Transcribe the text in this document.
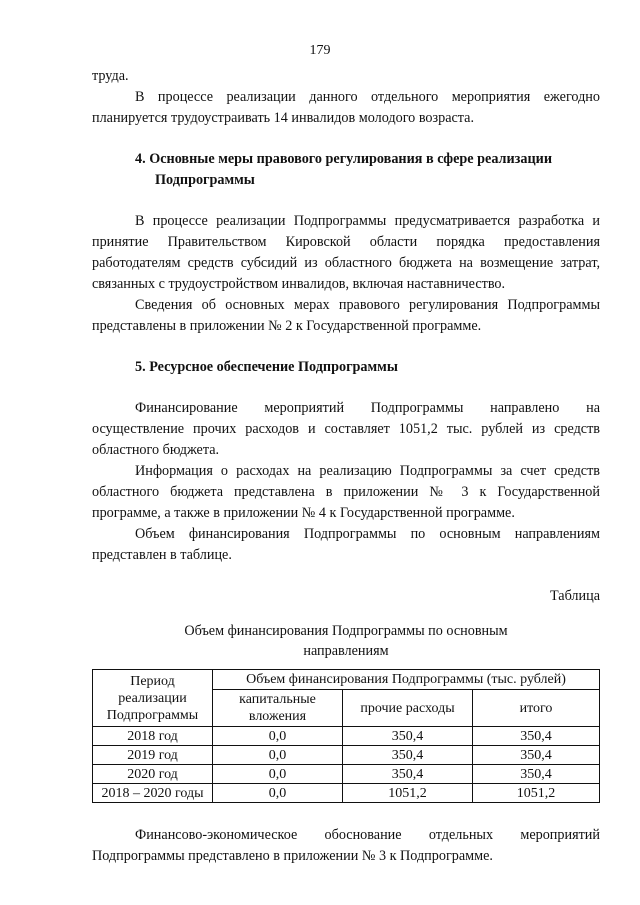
179

труда.

В процессе реализации данного отдельного мероприятия ежегодно планируется трудоустраивать 14 инвалидов молодого возраста.

4. Основные меры правового регулирования в сфере реализации

Подпрограммы

В процессе реализации Подпрограммы предусматривается разработка и принятие Правительством Кировской области порядка предоставления работодателям средств субсидий из областного бюджета на возмещение затрат, связанных с трудоустройством инвалидов, включая наставничество.

Сведения об основных мерах правового регулирования Подпрограммы представлены в приложении № 2 к Государственной программе.

5. Ресурсное обеспечение Подпрограммы

Финансирование мероприятий Подпрограммы направлено на осуществление прочих расходов и составляет 1051,2 тыс. рублей из средств областного бюджета.

Информация о расходах на реализацию Подпрограммы за счет средств областного бюджета представлена в приложении № 3 к Государственной программе, а также в приложении № 4 к Государственной программе.

Объем финансирования Подпрограммы по основным направлениям представлен в таблице.

Таблица

Объем финансирования Подпрограммы по основным

направлениям

Период реализации Подпрограммы	Объем финансирования Подпрограммы (тыс. рублей)		
	капитальные вложения	прочие расходы	итого
2018 год	0,0	350,4	350,4
2019 год	0,0	350,4	350,4
2020 год	0,0	350,4	350,4
2018 – 2020 годы	0,0	1051,2	1051,2

Финансово-экономическое обоснование отдельных мероприятий Подпрограммы представлено в приложении № 3 к Подпрограмме.
